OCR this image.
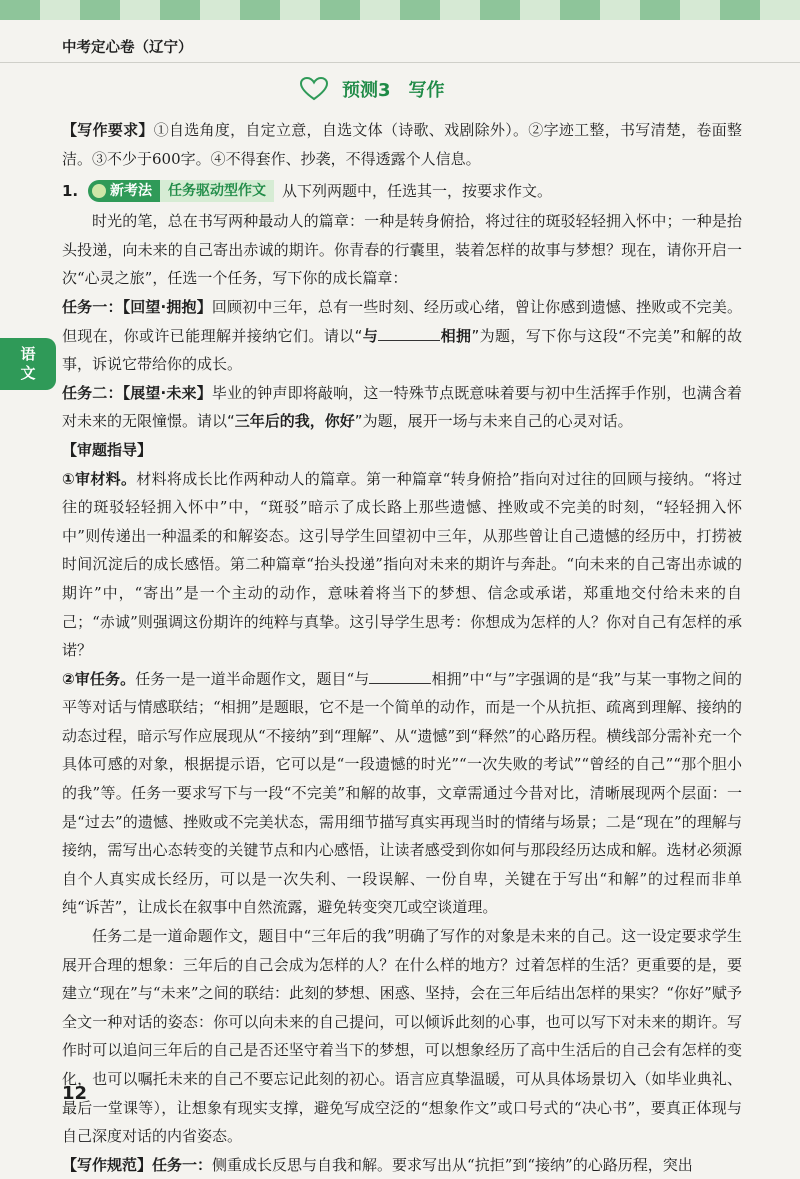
中考定心卷（辽宁）
预测3　写作
语
文

【写作要求】①自选角度，自定立意，自选文体（诗歌、戏剧除外）。②字迹工整，书写清楚，卷面整洁。③不少于600字。④不得套作、抄袭，不得透露个人信息。

1.	新考法	任务驱动型作文	从下列两题中，任选其一，按要求作文。

时光的笔，总在书写两种最动人的篇章：一种是转身俯拾，将过往的斑驳轻轻拥入怀中；一种是抬头投递，向未来的自己寄出赤诚的期许。你青春的行囊里，装着怎样的故事与梦想？现在，请你开启一次“心灵之旅”，任选一个任务，写下你的成长篇章：

任务一：【回望·拥抱】回顾初中三年，总有一些时刻、经历或心绪，曾让你感到遗憾、挫败或不完美。但现在，你或许已能理解并接纳它们。请以“与	相拥”为题，写下你与这段“不完美”和解的故事，诉说它带给你的成长。

任务二：【展望·未来】毕业的钟声即将敲响，这一特殊节点既意味着要与初中生活挥手作别，也满含着对未来的无限憧憬。请以“三年后的我，你好”为题，展开一场与未来自己的心灵对话。

【审题指导】

①审材料。材料将成长比作两种动人的篇章。第一种篇章“转身俯拾”指向对过往的回顾与接纳。“将过往的斑驳轻轻拥入怀中”中，“斑驳”暗示了成长路上那些遗憾、挫败或不完美的时刻，“轻轻拥入怀中”则传递出一种温柔的和解姿态。这引导学生回望初中三年，从那些曾让自己遗憾的经历中，打捞被时间沉淀后的成长感悟。第二种篇章“抬头投递”指向对未来的期许与奔赴。“向未来的自己寄出赤诚的期许”中，“寄出”是一个主动的动作，意味着将当下的梦想、信念或承诺，郑重地交付给未来的自己；“赤诚”则强调这份期许的纯粹与真挚。这引导学生思考：你想成为怎样的人？你对自己有怎样的承诺？

②审任务。任务一是一道半命题作文，题目“与	相拥”中“与”字强调的是“我”与某一事物之间的平等对话与情感联结；“相拥”是题眼，它不是一个简单的动作，而是一个从抗拒、疏离到理解、接纳的动态过程，暗示写作应展现从“不接纳”到“理解”、从“遗憾”到“释然”的心路历程。横线部分需补充一个具体可感的对象，根据提示语，它可以是“一段遗憾的时光”“一次失败的考试”“曾经的自己”“那个胆小的我”等。任务一要求写下与一段“不完美”和解的故事，文章需通过今昔对比，清晰展现两个层面：一是“过去”的遗憾、挫败或不完美状态，需用细节描写真实再现当时的情绪与场景；二是“现在”的理解与接纳，需写出心态转变的关键节点和内心感悟，让读者感受到你如何与那段经历达成和解。选材必须源自个人真实成长经历，可以是一次失利、一段误解、一份自卑，关键在于写出“和解”的过程而非单纯“诉苦”，让成长在叙事中自然流露，避免转变突兀或空谈道理。

任务二是一道命题作文，题目中“三年后的我”明确了写作的对象是未来的自己。这一设定要求学生展开合理的想象：三年后的自己会成为怎样的人？在什么样的地方？过着怎样的生活？更重要的是，要建立“现在”与“未来”之间的联结：此刻的梦想、困惑、坚持，会在三年后结出怎样的果实？“你好”赋予全文一种对话的姿态：你可以向未来的自己提问，可以倾诉此刻的心事，也可以写下对未来的期许。写作时可以追问三年后的自己是否还坚守着当下的梦想，可以想象经历了高中生活后的自己会有怎样的变化，也可以嘱托未来的自己不要忘记此刻的初心。语言应真挚温暖，可从具体场景切入（如毕业典礼、最后一堂课等），让想象有现实支撑，避免写成空泛的“想象作文”或口号式的“决心书”，要真正体现与自己深度对话的内省姿态。

【写作规范】任务一：侧重成长反思与自我和解。要求写出从“抗拒”到“接纳”的心路历程，突出

12
